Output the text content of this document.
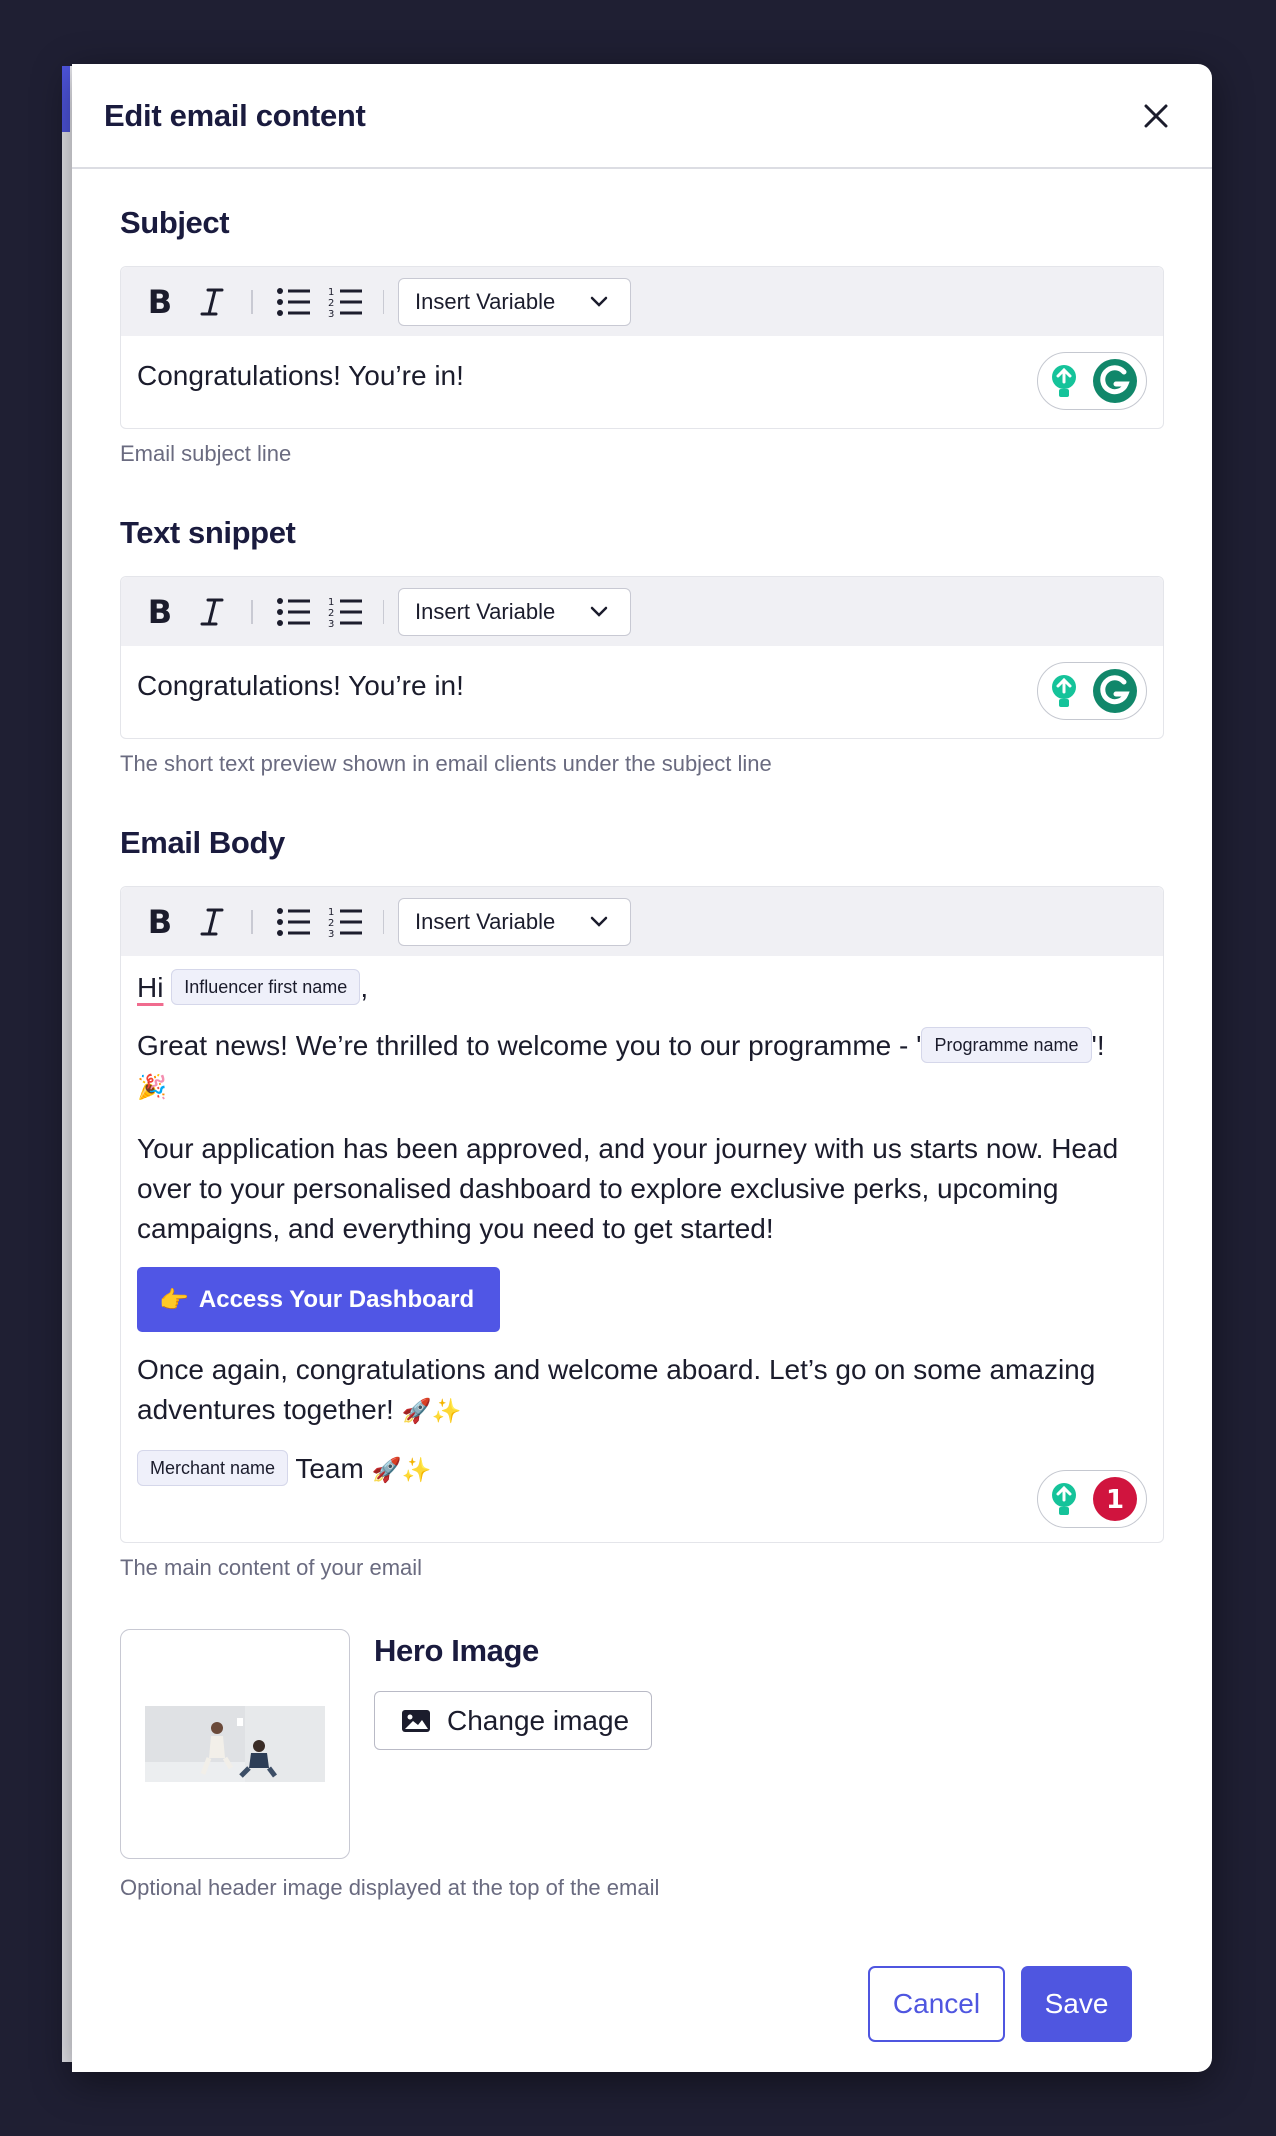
Edit email content
Subject
B	1
2
3
Insert Variable
Congratulations! You’re in!
Email subject line
Text snippet
B	1
2
3
Insert Variable
Congratulations! You’re in!
The short text preview shown in email clients under the subject line
Email Body
B	1
2
3
Insert Variable
Hi Influencer first name ,
Great news! We’re thrilled to welcome you to our programme - ' Programme name '!
🎉
Your application has been approved, and your journey with us starts now. Head over to your personalised dashboard to explore exclusive perks, upcoming campaigns, and everything you need to get started!
👉 Access Your Dashboard
Once again, congratulations and welcome aboard. Let’s go on some amazing adventures together! 🚀✨
Merchant name Team 🚀✨
1
The main content of your email
Hero Image
Change image
Optional header image displayed at the top of the email
Cancel	Save
